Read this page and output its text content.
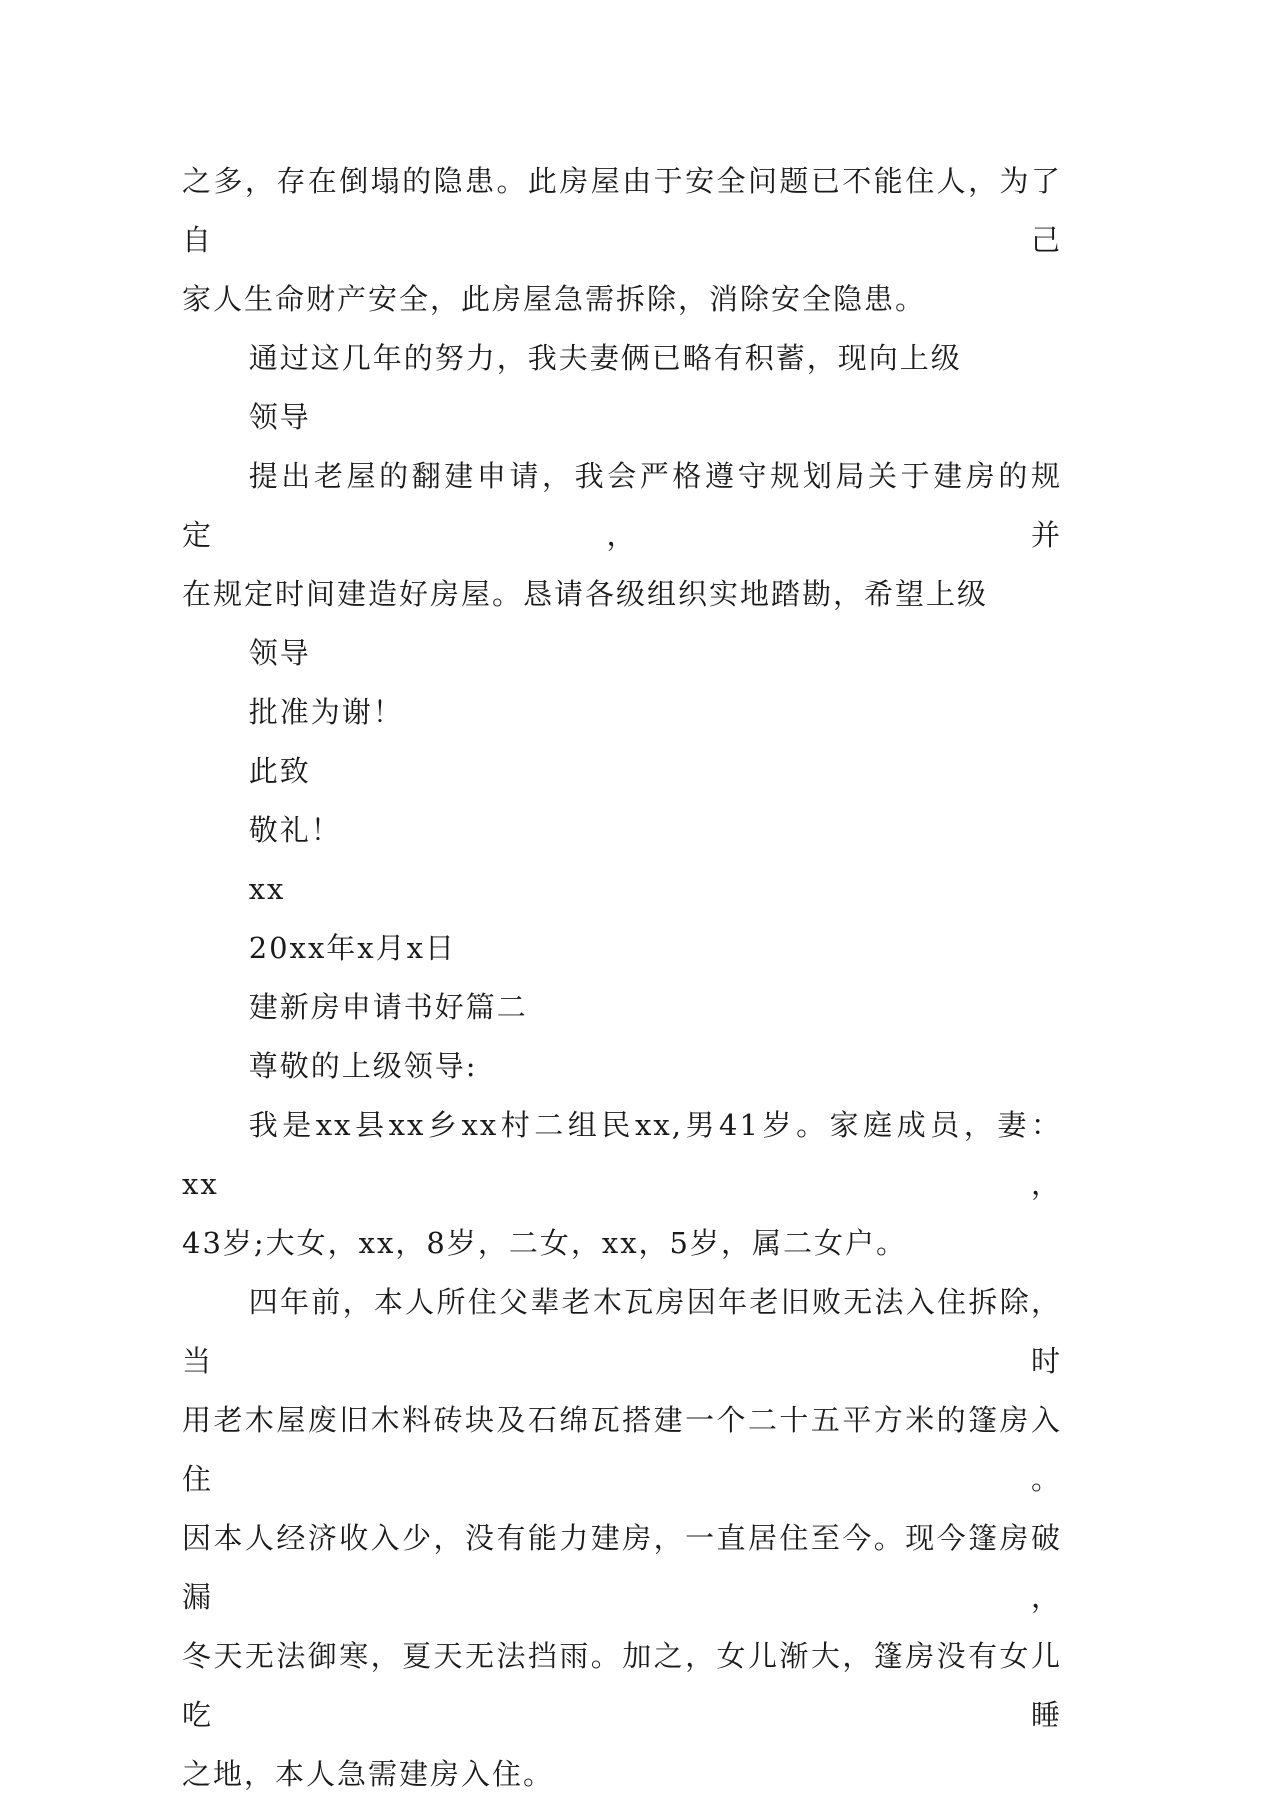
之多，存在倒塌的隐患。此房屋由于安全问题已不能住人，为了自己

家人生命财产安全，此房屋急需拆除，消除安全隐患。

通过这几年的努力，我夫妻俩已略有积蓄，现向上级

领导

提出老屋的翻建申请，我会严格遵守规划局关于建房的规定，并

在规定时间建造好房屋。恳请各级组织实地踏勘，希望上级

领导

批准为谢！

此致

敬礼！

xx

20xx年x月x日

建新房申请书好篇二

尊敬的上级领导:

我是xx县xx乡xx村二组民xx,男41岁。家庭成员，妻：xx，

43岁;大女，xx，8岁，二女，xx，5岁，属二女户。

四年前，本人所住父辈老木瓦房因年老旧败无法入住拆除，当时

用老木屋废旧木料砖块及石绵瓦搭建一个二十五平方米的篷房入住。

因本人经济收入少，没有能力建房，一直居住至今。现今篷房破漏，

冬天无法御寒，夏天无法挡雨。加之，女儿渐大，篷房没有女儿吃睡

之地，本人急需建房入住。
